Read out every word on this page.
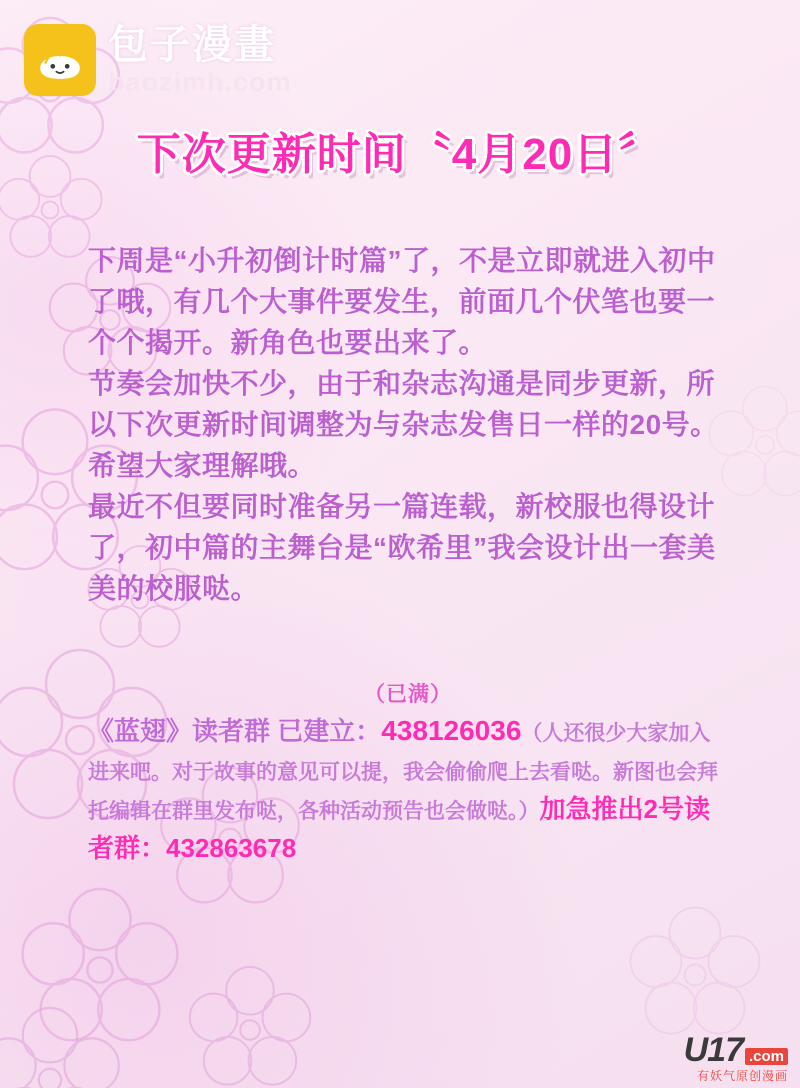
包子漫畫
baozimh.com
下次更新时间〝4月20日〞

下周是“小升初倒计时篇”了，不是立即就进入初中了哦，有几个大事件要发生，前面几个伏笔也要一个个揭开。新角色也要出来了。

节奏会加快不少，由于和杂志沟通是同步更新，所以下次更新时间调整为与杂志发售日一样的20号。希望大家理解哦。

最近不但要同时准备另一篇连载，新校服也得设计了，初中篇的主舞台是“欧希里”我会设计出一套美美的校服哒。

（已满）
《蓝翅》读者群 已建立：438126036（人还很少大家加入进来吧。对于故事的意见可以提，我会偷偷爬上去看哒。新图也会拜托编辑在群里发布哒，各种活动预告也会做哒。）加急推出2号读者群：432863678
U17 .com
有妖气原创漫画
